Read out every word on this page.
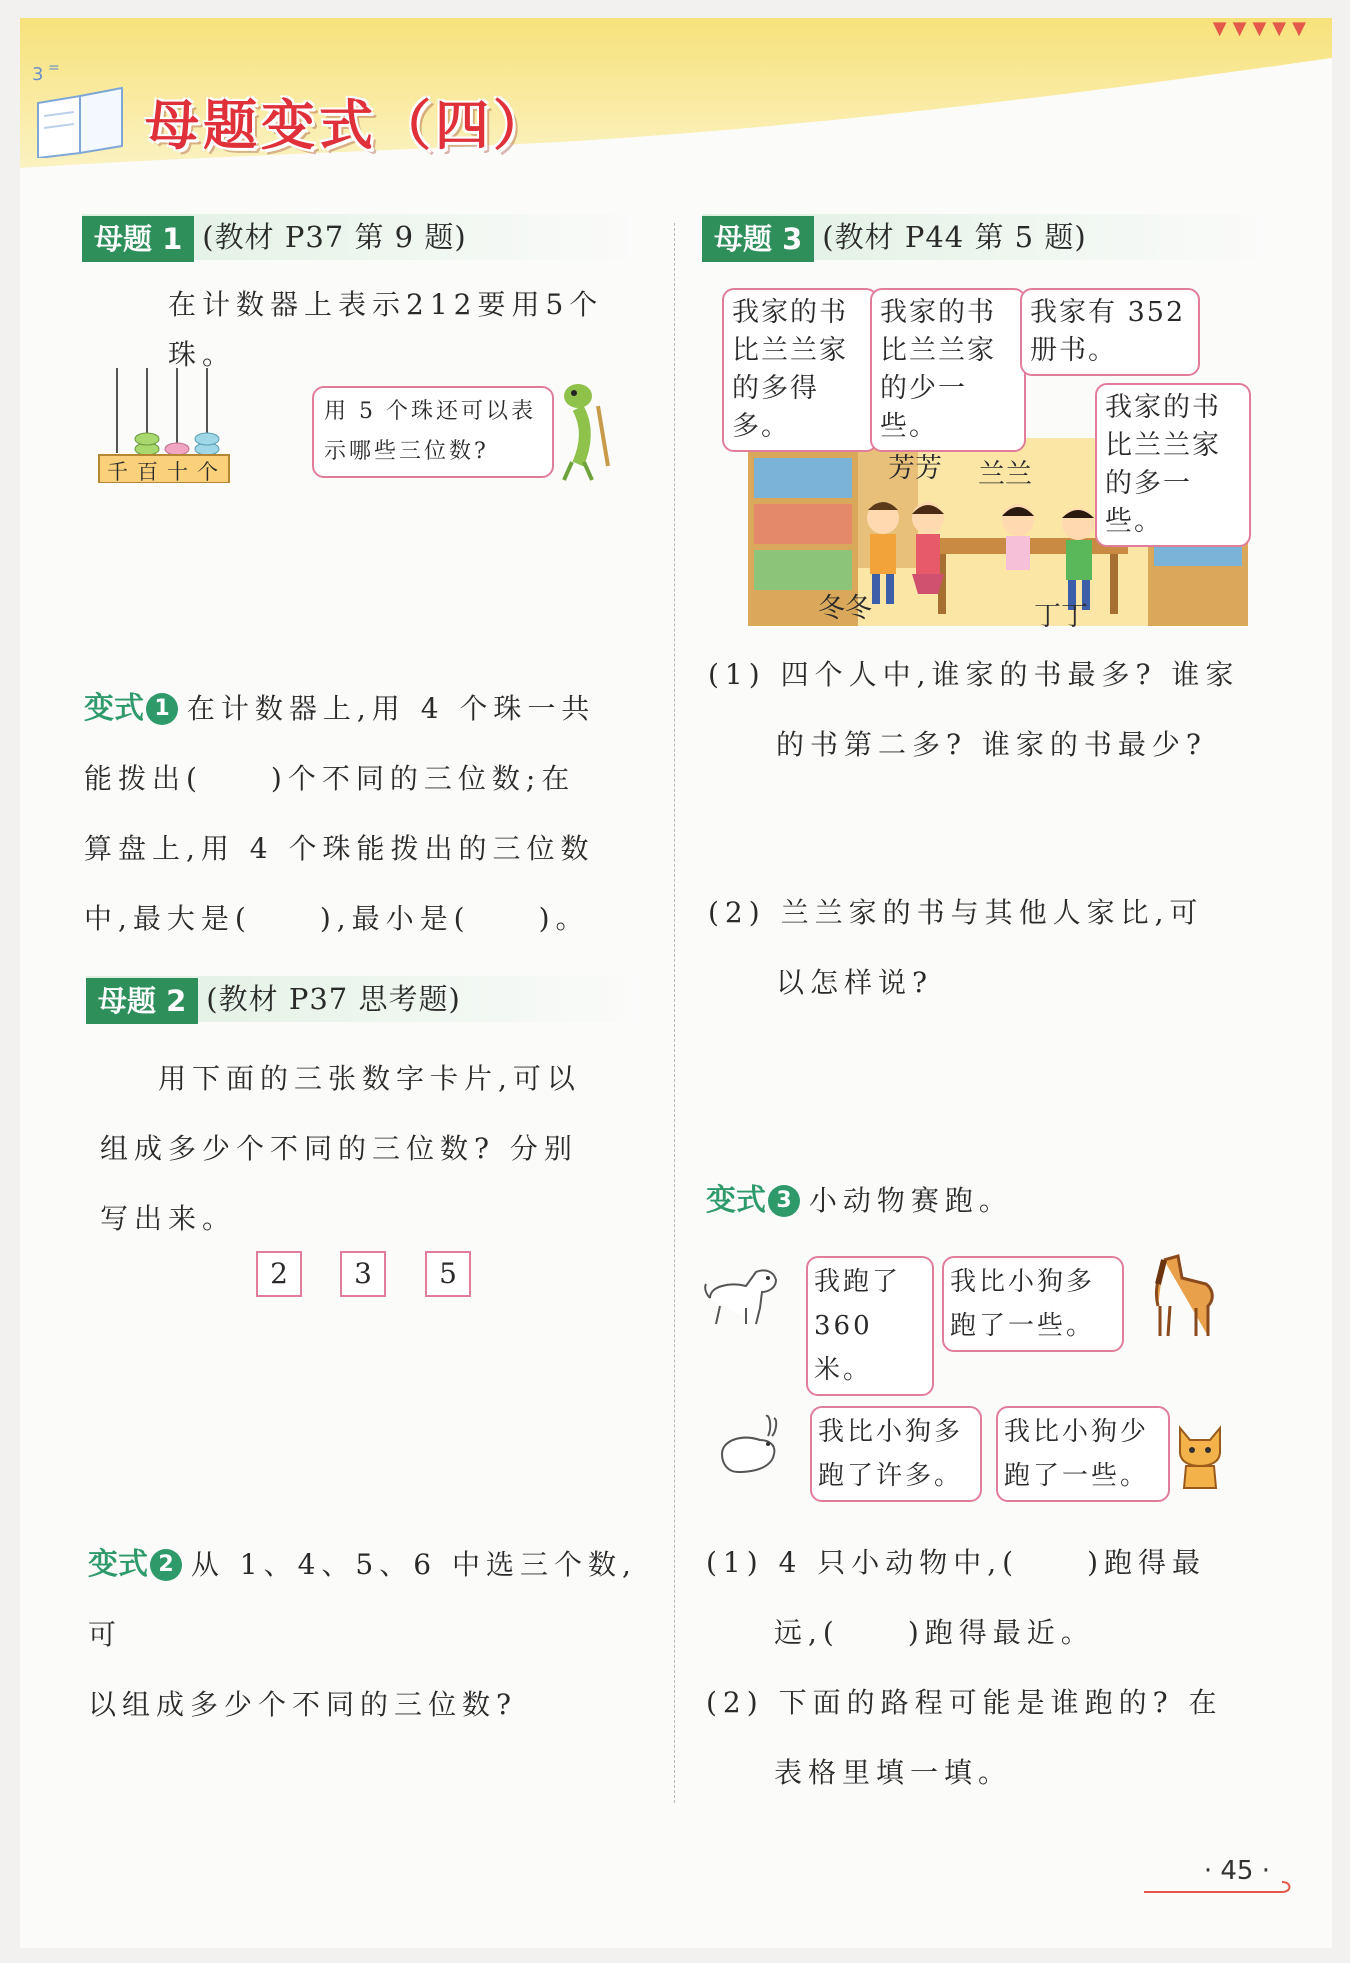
3 =
母题变式（四）
▼▼▼▼▼
母题 1 (教材 P37 第 9 题)
在计数器上表示212要用5个珠。
千百十个
用 5 个珠还可以表
示哪些三位数?
变式 1 在计数器上,用 4 个珠一共
能拨出(　　)个不同的三位数;在
算盘上,用 4 个珠能拨出的三位数
中,最大是(　　),最小是(　　)。
母题 2 (教材 P37 思考题)
用下面的三张数字卡片,可以
组成多少个不同的三位数? 分别
写出来。
2	3	5
变式 2 从 1、4、5、6 中选三个数,可
以组成多少个不同的三位数?
母题 3 (教材 P44 第 5 题)
我家的书
比兰兰家
的多得多。
我家的书
比兰兰家
的少一些。
我家有 352
册书。
我家的书
比兰兰家
的多一些。
芳芳 兰兰
冬冬	丁丁
(1) 四个人中,谁家的书最多? 谁家
的书第二多? 谁家的书最少?
(2) 兰兰家的书与其他人家比,可
以怎样说?
变式 3 小动物赛跑。
我跑了
360 米。
我比小狗多
跑了一些。
我比小狗多
跑了许多。
我比小狗少
跑了一些。
(1) 4 只小动物中,(　　)跑得最
远,(　　)跑得最近。
(2) 下面的路程可能是谁跑的? 在
表格里填一填。
· 45 ·
